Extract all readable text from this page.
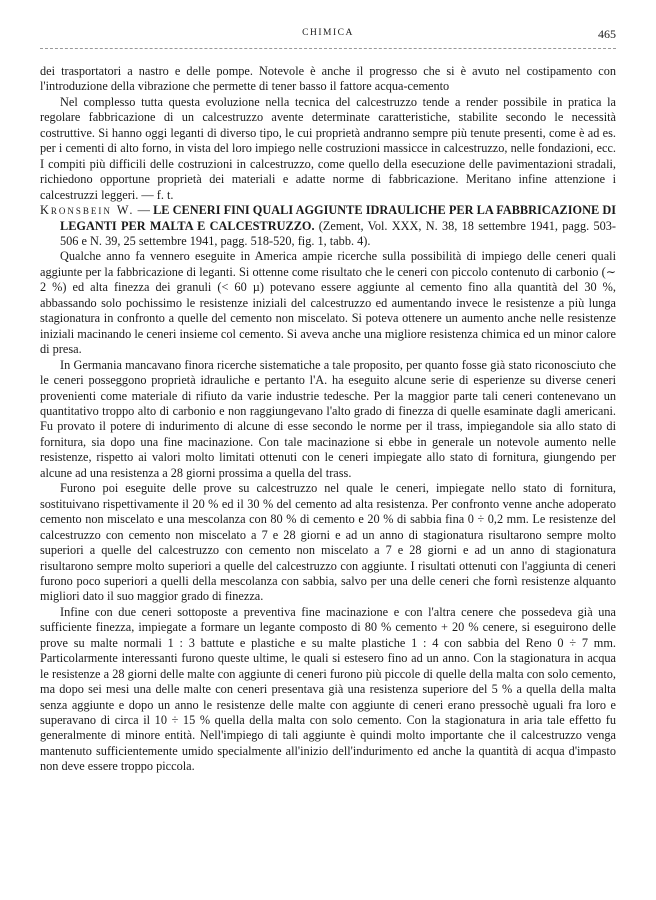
CHIMICA	465

dei trasportatori a nastro e delle pompe. Notevole è anche il progresso che si è avuto nel costipamento con l'introduzione della vibrazione che permette di tener basso il fattore acqua-cemento

Nel complesso tutta questa evoluzione nella tecnica del calcestruzzo tende a render possibile in pratica la regolare fabbricazione di un calcestruzzo avente determinate caratteristiche, stabilite secondo le necessità costruttive. Si hanno oggi leganti di diverso tipo, le cui proprietà andranno sempre più tenute presenti, come è ad es. per i cementi di alto forno, in vista del loro impiego nelle costruzioni massicce in calcestruzzo, nelle fondazioni, ecc. I compiti più difficili delle costruzioni in calcestruzzo, come quello della esecuzione delle pavimentazioni stradali, richiedono opportune proprietà dei materiali e adatte norme di fabbricazione. Meritano infine attenzione i calcestruzzi leggeri. — f. t.

Kronsbein W. — LE CENERI FINI QUALI AGGIUNTE IDRAULICHE PER LA FABBRICAZIONE DI LEGANTI PER MALTA E CALCESTRUZZO. (Zement, Vol. XXX, N. 38, 18 settembre 1941, pagg. 503-506 e N. 39, 25 settembre 1941, pagg. 518-520, fig. 1, tabb. 4).

Qualche anno fa vennero eseguite in America ampie ricerche sulla possibilità di impiego delle ceneri quali aggiunte per la fabbricazione di leganti. Si ottenne come risultato che le ceneri con piccolo contenuto di carbonio (∼ 2 %) ed alta finezza dei granuli (< 60 µ) potevano essere aggiunte al cemento fino alla quantità del 30 %, abbassando solo pochissimo le resistenze iniziali del calcestruzzo ed aumentando invece le resistenze a più lunga stagionatura in confronto a quelle del cemento non miscelato. Si poteva ottenere un aumento anche nelle resistenze iniziali macinando le ceneri insieme col cemento. Si aveva anche una migliore resistenza chimica ed un minor calore di presa.

In Germania mancavano finora ricerche sistematiche a tale proposito, per quanto fosse già stato riconosciuto che le ceneri posseggono proprietà idrauliche e pertanto l'A. ha eseguito alcune serie di esperienze su diverse ceneri provenienti come materiale di rifiuto da varie industrie tedesche. Per la maggior parte tali ceneri contenevano un quantitativo troppo alto di carbonio e non raggiungevano l'alto grado di finezza di quelle esaminate dagli americani. Fu provato il potere di indurimento di alcune di esse secondo le norme per il trass, impiegandole sia allo stato di fornitura, sia dopo una fine macinazione. Con tale macinazione si ebbe in generale un notevole aumento nelle resistenze, rispetto ai valori molto limitati ottenuti con le ceneri impiegate allo stato di fornitura, giungendo per alcune ad una resistenza a 28 giorni prossima a quella del trass.

Furono poi eseguite delle prove su calcestruzzo nel quale le ceneri, impiegate nello stato di fornitura, sostituivano rispettivamente il 20 % ed il 30 % del cemento ad alta resistenza. Per confronto venne anche adoperato cemento non miscelato e una mescolanza con 80 % di cemento e 20 % di sabbia fina 0 ÷ 0,2 mm. Le resistenze del calcestruzzo con cemento non miscelato a 7 e 28 giorni e ad un anno di stagionatura risultarono sempre molto superiori a quelle del calcestruzzo con cemento non miscelato a 7 e 28 giorni e ad un anno di stagionatura risultarono sempre molto superiori a quelle del calcestruzzo con aggiunte. I risultati ottenuti con l'aggiunta di ceneri furono poco superiori a quelli della mescolanza con sabbia, salvo per una delle ceneri che fornì resistenze alquanto migliori dato il suo maggior grado di finezza.

Infine con due ceneri sottoposte a preventiva fine macinazione e con l'altra cenere che possedeva già una sufficiente finezza, impiegate a formare un legante composto di 80 % cemento + 20 % cenere, si eseguirono delle prove su malte normali 1 : 3 battute e plastiche e su malte plastiche 1 : 4 con sabbia del Reno 0 ÷ 7 mm. Particolarmente interessanti furono queste ultime, le quali si estesero fino ad un anno. Con la stagionatura in acqua le resistenze a 28 giorni delle malte con aggiunte di ceneri furono più piccole di quelle della malta con solo cemento, ma dopo sei mesi una delle malte con ceneri presentava già una resistenza superiore del 5 % a quella della malta senza aggiunte e dopo un anno le resistenze delle malte con aggiunte di ceneri erano pressochè uguali fra loro e superavano di circa il 10 ÷ 15 % quella della malta con solo cemento. Con la stagionatura in aria tale effetto fu generalmente di minore entità. Nell'impiego di tali aggiunte è quindi molto importante che il calcestruzzo venga mantenuto sufficientemente umido specialmente all'inizio dell'indurimento ed anche la quantità di acqua d'impasto non deve essere troppo piccola.
